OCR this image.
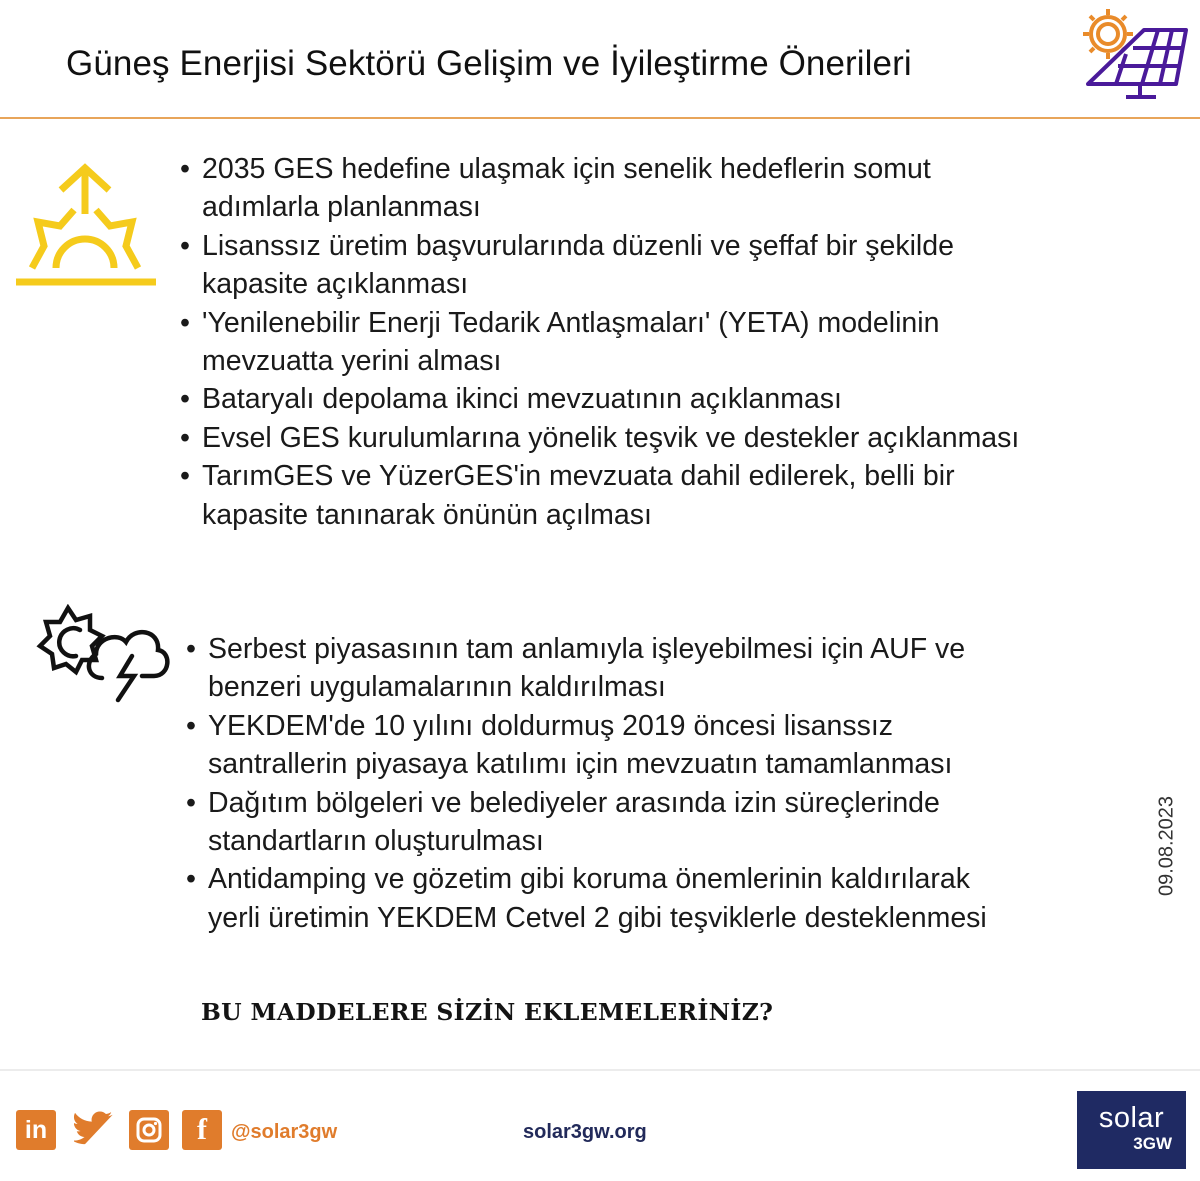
Güneş Enerjisi Sektörü Gelişim ve İyileştirme Önerileri
• 2035 GES hedefine ulaşmak için senelik hedeflerin somut
adımlarla planlanması
• Lisanssız üretim başvurularında düzenli ve şeffaf bir şekilde
kapasite açıklanması
• 'Yenilenebilir Enerji Tedarik Antlaşmaları' (YETA) modelinin
mevzuatta yerini alması
• Bataryalı depolama ikinci mevzuatının açıklanması
• Evsel GES kurulumlarına yönelik teşvik ve destekler açıklanması
• TarımGES ve YüzerGES'in mevzuata dahil edilerek, belli bir
kapasite tanınarak önünün açılması
• Serbest piyasasının tam anlamıyla işleyebilmesi için AUF ve
benzeri uygulamalarının kaldırılması
• YEKDEM'de 10 yılını doldurmuş 2019 öncesi lisanssız
santrallerin piyasaya katılımı için mevzuatın tamamlanması
• Dağıtım bölgeleri ve belediyeler arasında izin süreçlerinde
standartların oluşturulması
• Antidamping ve gözetim gibi koruma önemlerinin kaldırılarak
yerli üretimin YEKDEM Cetvel 2 gibi teşviklerle desteklenmesi
BU MADDELERE SİZİN EKLEMELERİNİZ?
09.08.2023
in	f @solar3gw	solar3gw.org	solar
3GW
